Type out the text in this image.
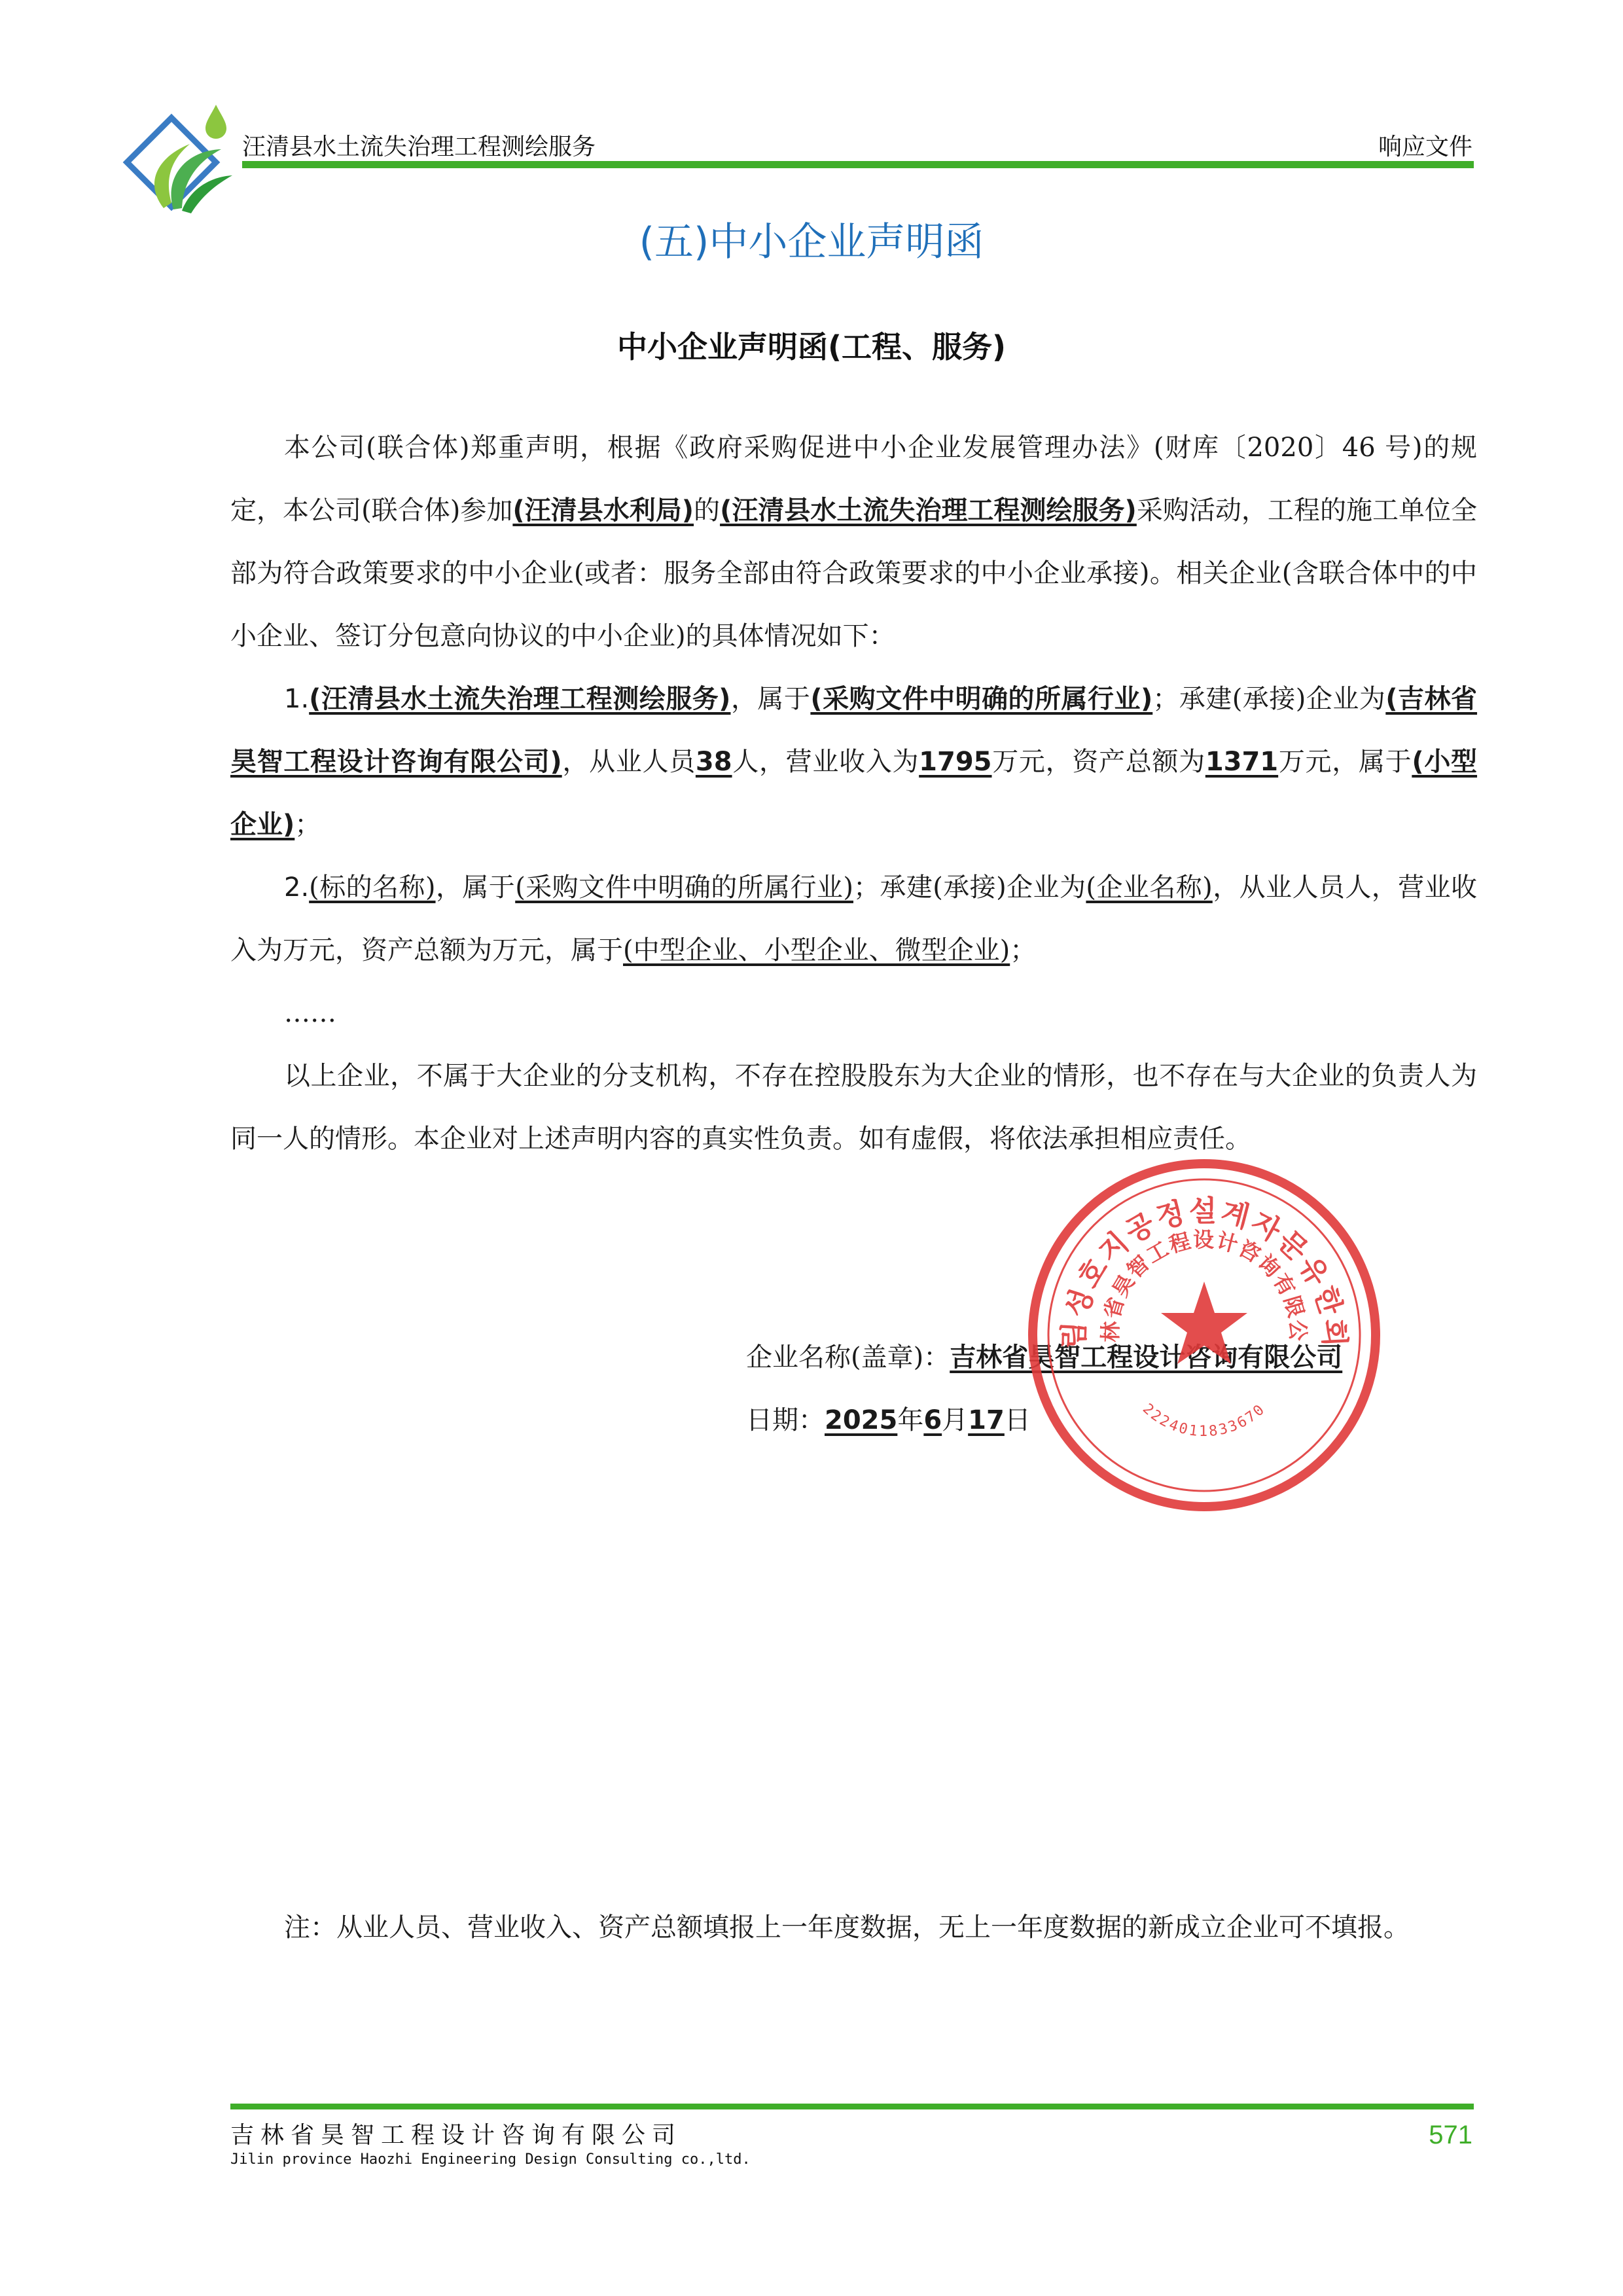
汪清县水土流失治理工程测绘服务	响应文件
(五)中小企业声明函
中小企业声明函(工程、服务)

本公司(联合体)郑重声明，根据《政府采购促进中小企业发展管理办法》(财库〔2020〕46 号)的规定，本公司(联合体)参加(汪清县水利局)的(汪清县水土流失治理工程测绘服务)采购活动，工程的施工单位全部为符合政策要求的中小企业(或者：服务全部由符合政策要求的中小企业承接)。相关企业(含联合体中的中小企业、签订分包意向协议的中小企业)的具体情况如下：

1.(汪清县水土流失治理工程测绘服务)，属于(采购文件中明确的所属行业)；承建(承接)企业为(吉林省昊智工程设计咨询有限公司)，从业人员38人，营业收入为1795万元，资产总额为1371万元，属于(小型企业)；

2.(标的名称)，属于(采购文件中明确的所属行业)；承建(承接)企业为(企业名称)，从业人员人，营业收入为万元，资产总额为万元，属于(中型企业、小型企业、微型企业)；

……

以上企业，不属于大企业的分支机构，不存在控股股东为大企业的情形，也不存在与大企业的负责人为同一人的情形。本企业对上述声明内容的真实性负责。如有虚假，将依法承担相应责任。

企业名称(盖章)：吉林省昊智工程设计咨询有限公司
日期：2025年6月17日
림성호지공정설계자문유한회
林省昊智工程设计咨询有限公
2224011833670
注：从业人员、营业收入、资产总额填报上一年度数据，无上一年度数据的新成立企业可不填报。
吉林省昊智工程设计咨询有限公司
Jilin province Haozhi Engineering Design Consulting co.,ltd.
571
